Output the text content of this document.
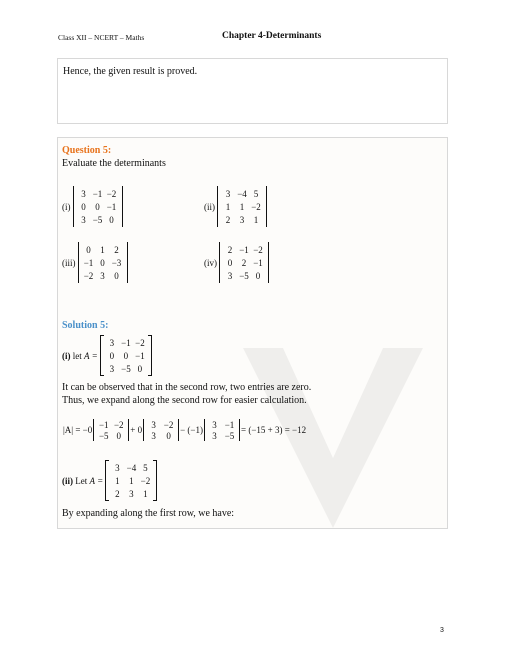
Class XII – NCERT – Maths	Chapter 4-Determinants
Hence, the given result is proved.
Question 5:
Evaluate the determinants
(i)
3 −1 −2
0	0 −1
3 −5 0
(ii)
3 −4 5
1	1 −2
2	3	1
(iii)
0	1	2
−1 0 −3
−2 3	0
(iv)
2 −1 −2
0	2 −1
3 −5 0
Solution 5:
(i) let A =
3 −1 −2
0	0 −1
3 −5 0
It can be observed that in the second row, two entries are zero.
Thus, we expand along the second row for easier calculation.
|A| = −0
−1 −2
−5 0
+ 0
3 −2
3	0
− (−1)
3 −1
3 −5
= (−15 + 3) = −12
(ii) Let A =
3 −4 5
1	1 −2
2	3	1
By expanding along the first row, we have:
3
